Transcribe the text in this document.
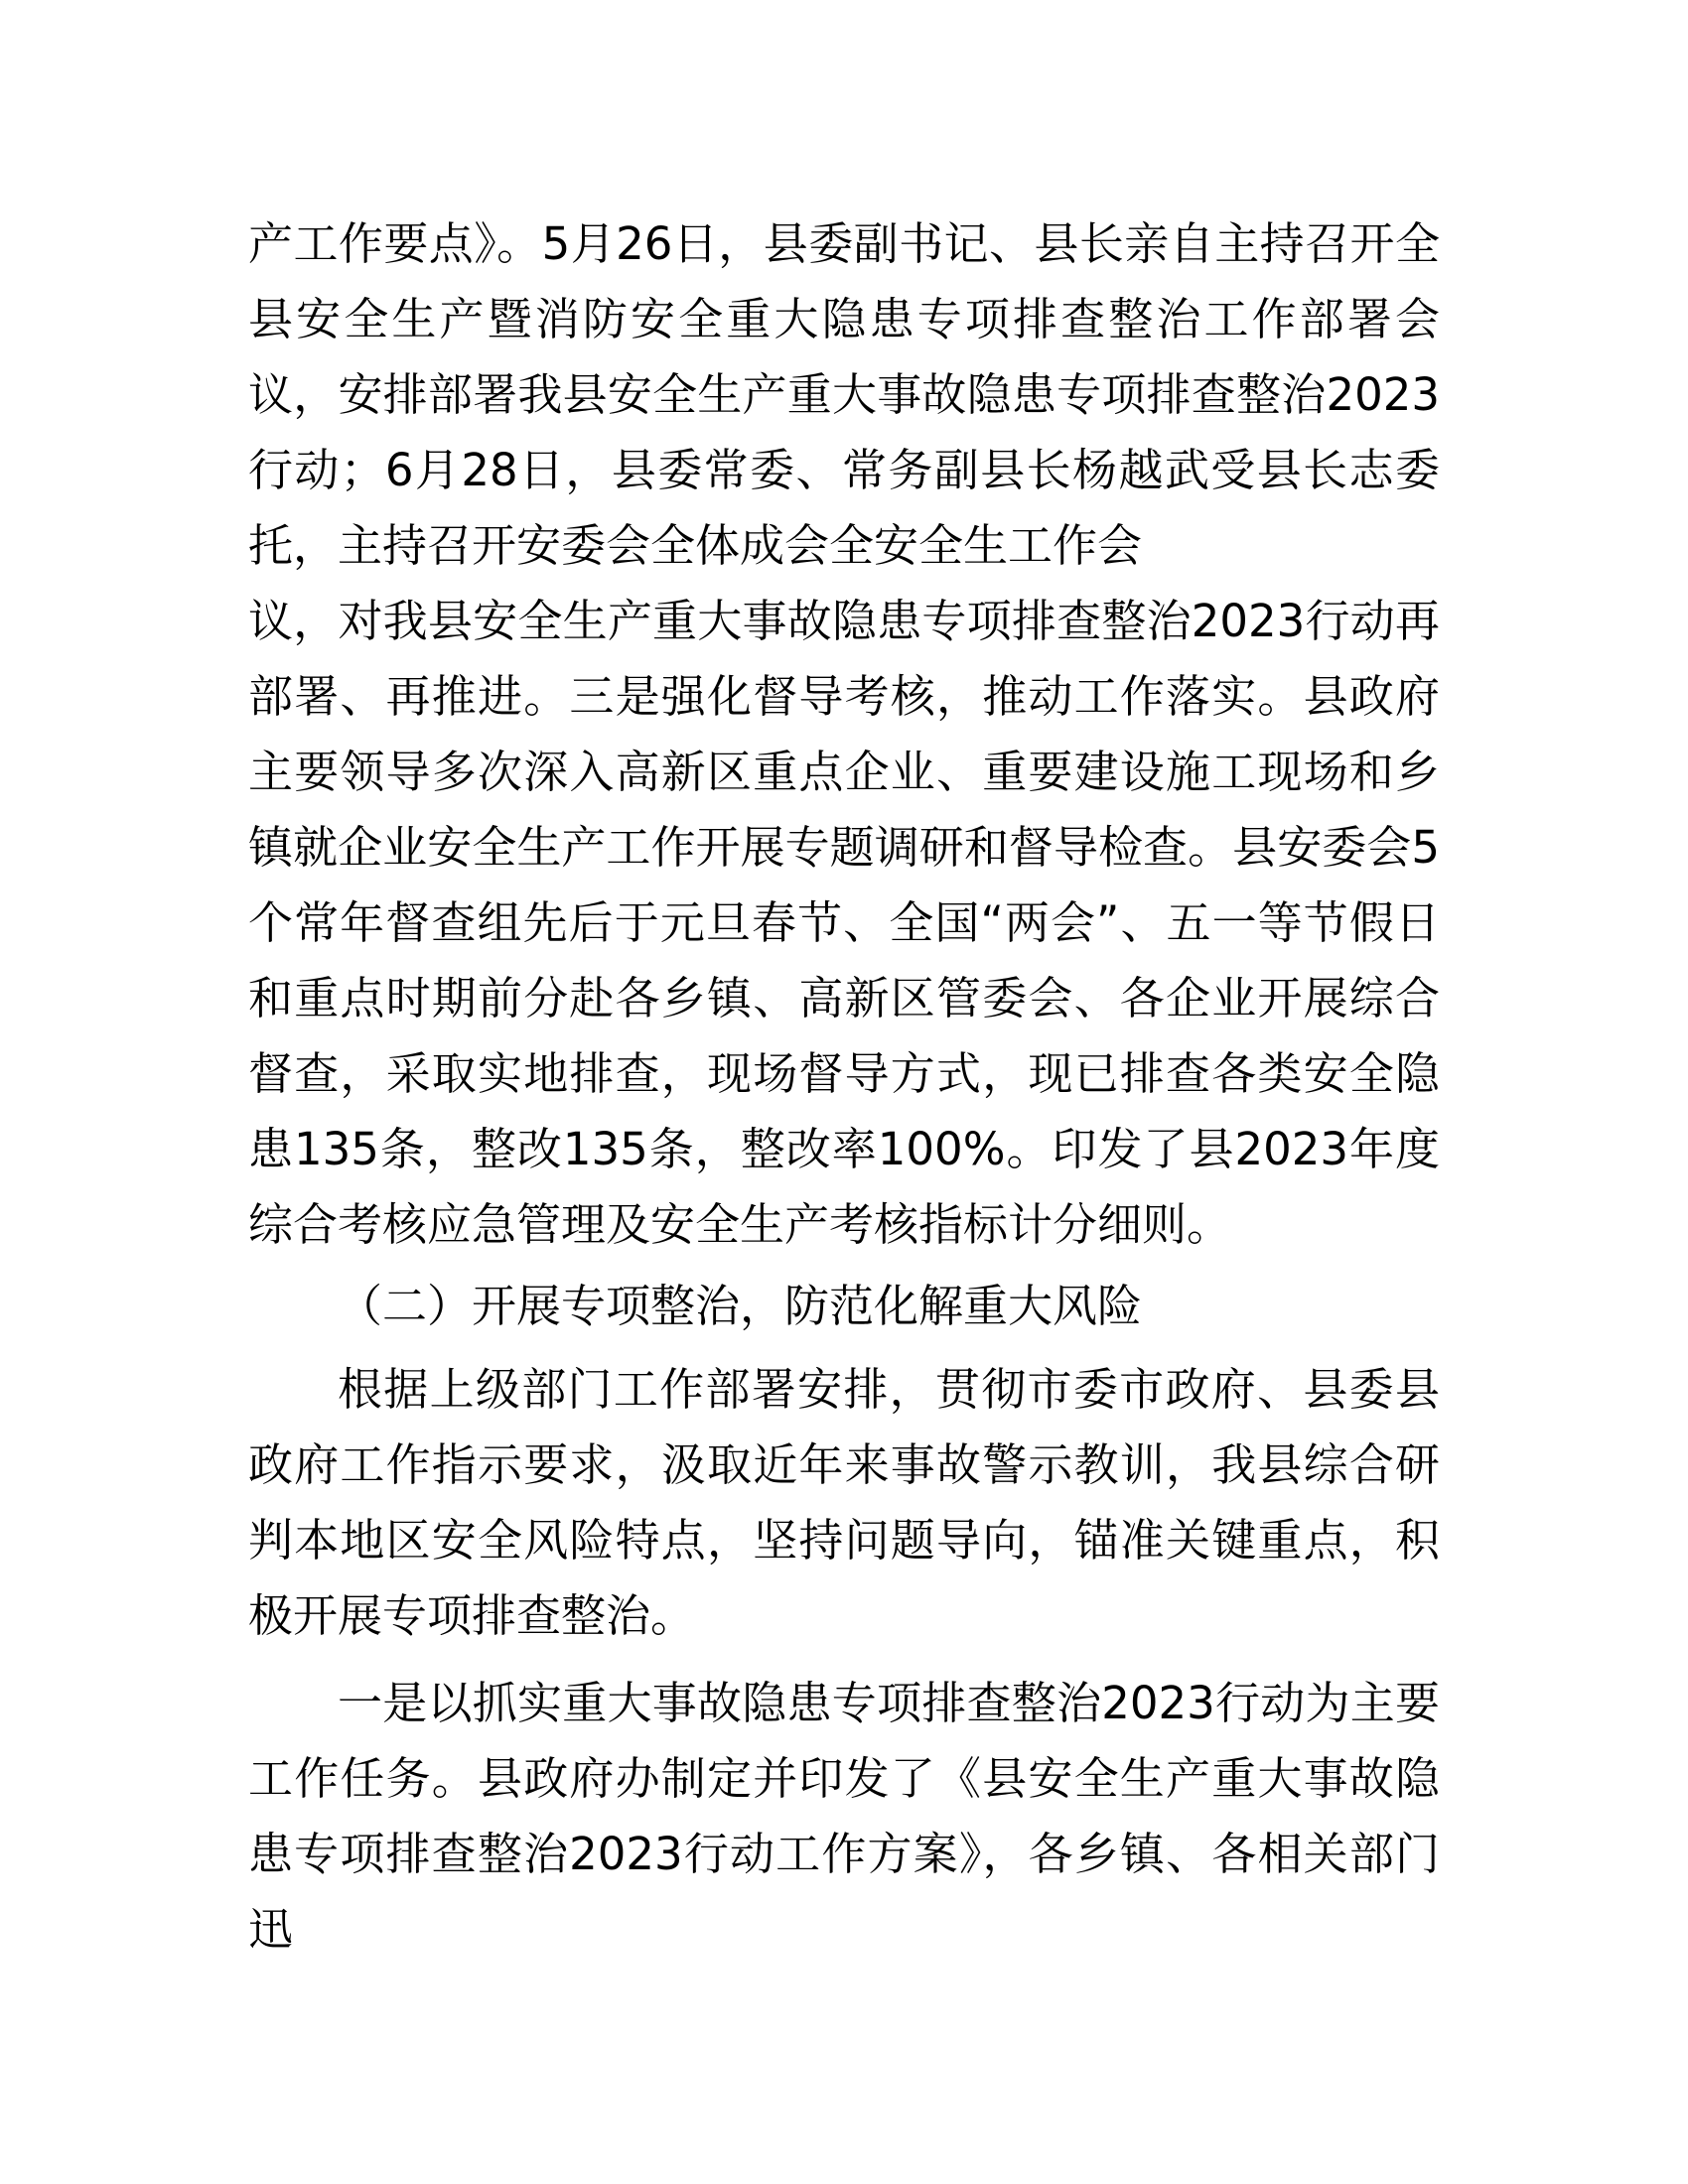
产工作要点》。5月26日，县委副书记、县长亲自主持召开全县安全生产暨消防安全重大隐患专项排查整治工作部署会议，安排部署我县安全生产重大事故隐患专项排查整治2023行动；6月28日，县委常委、常务副县长杨越武受县长志委托，主持召开安委会全体成会全安全生工作会

议，对我县安全生产重大事故隐患专项排查整治2023行动再部署、再推进。三是强化督导考核，推动工作落实。县政府主要领导多次深入高新区重点企业、重要建设施工现场和乡镇就企业安全生产工作开展专题调研和督导检查。县安委会5个常年督查组先后于元旦春节、全国“两会”、五一等节假日和重点时期前分赴各乡镇、高新区管委会、各企业开展综合督查，采取实地排查，现场督导方式，现已排查各类安全隐患135条，整改135条，整改率100%。印发了县2023年度综合考核应急管理及安全生产考核指标计分细则。

（二）开展专项整治，防范化解重大风险

根据上级部门工作部署安排，贯彻市委市政府、县委县政府工作指示要求，汲取近年来事故警示教训，我县综合研判本地区安全风险特点，坚持问题导向，锚准关键重点，积极开展专项排查整治。

一是以抓实重大事故隐患专项排查整治2023行动为主要工作任务。县政府办制定并印发了《县安全生产重大事故隐患专项排查整治2023行动工作方案》，各乡镇、各相关部门迅
